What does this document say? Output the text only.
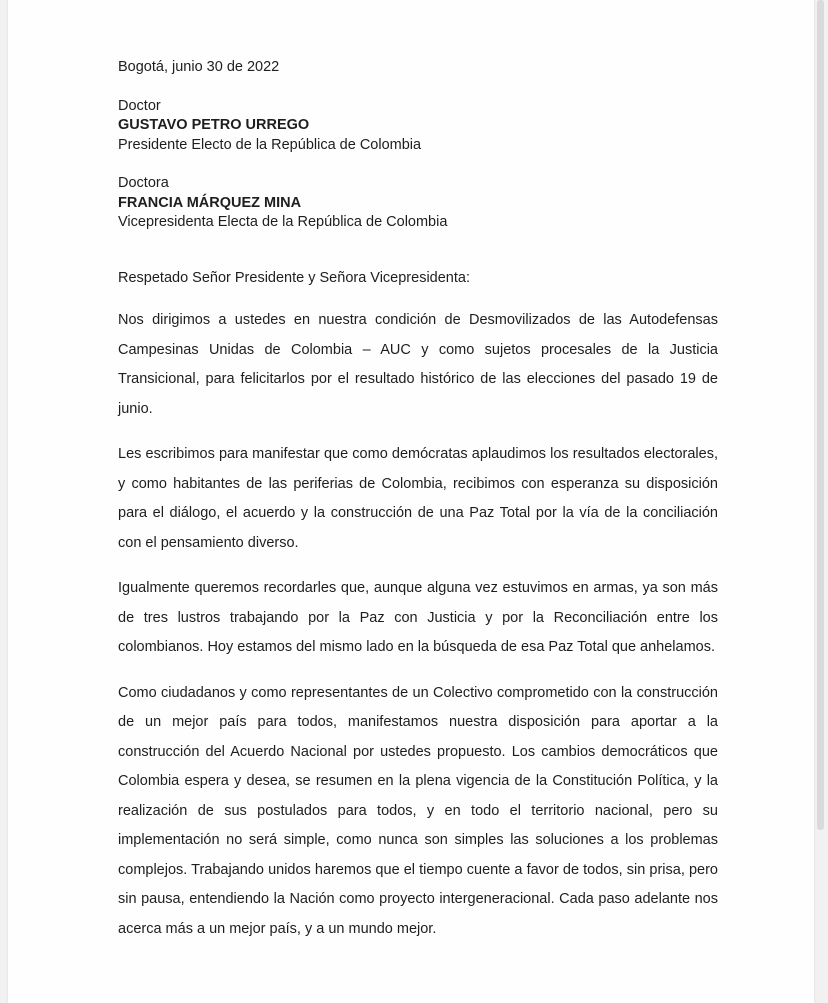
Bogotá, junio 30 de 2022
Doctor
GUSTAVO PETRO URREGO
Presidente Electo de la República de Colombia
Doctora
FRANCIA MÁRQUEZ MINA
Vicepresidenta Electa de la República de Colombia
Respetado Señor Presidente y Señora Vicepresidenta:

Nos dirigimos a ustedes en nuestra condición de Desmovilizados de las Autodefensas Campesinas Unidas de Colombia – AUC y como sujetos procesales de la Justicia Transicional, para felicitarlos por el resultado histórico de las elecciones del pasado 19 de junio.

Les escribimos para manifestar que como demócratas aplaudimos los resultados electorales, y como habitantes de las periferias de Colombia, recibimos con esperanza su disposición para el diálogo, el acuerdo y la construcción de una Paz Total por la vía de la conciliación con el pensamiento diverso.

Igualmente queremos recordarles que, aunque alguna vez estuvimos en armas, ya son más de tres lustros trabajando por la Paz con Justicia y por la Reconciliación entre los colombianos. Hoy estamos del mismo lado en la búsqueda de esa Paz Total que anhelamos.

Como ciudadanos y como representantes de un Colectivo comprometido con la construcción de un mejor país para todos, manifestamos nuestra disposición para aportar a la construcción del Acuerdo Nacional por ustedes propuesto. Los cambios democráticos que Colombia espera y desea, se resumen en la plena vigencia de la Constitución Política, y la realización de sus postulados para todos, y en todo el territorio nacional, pero su implementación no será simple, como nunca son simples las soluciones a los problemas complejos. Trabajando unidos haremos que el tiempo cuente a favor de todos, sin prisa, pero sin pausa, entendiendo la Nación como proyecto intergeneracional. Cada paso adelante nos acerca más a un mejor país, y a un mundo mejor.
